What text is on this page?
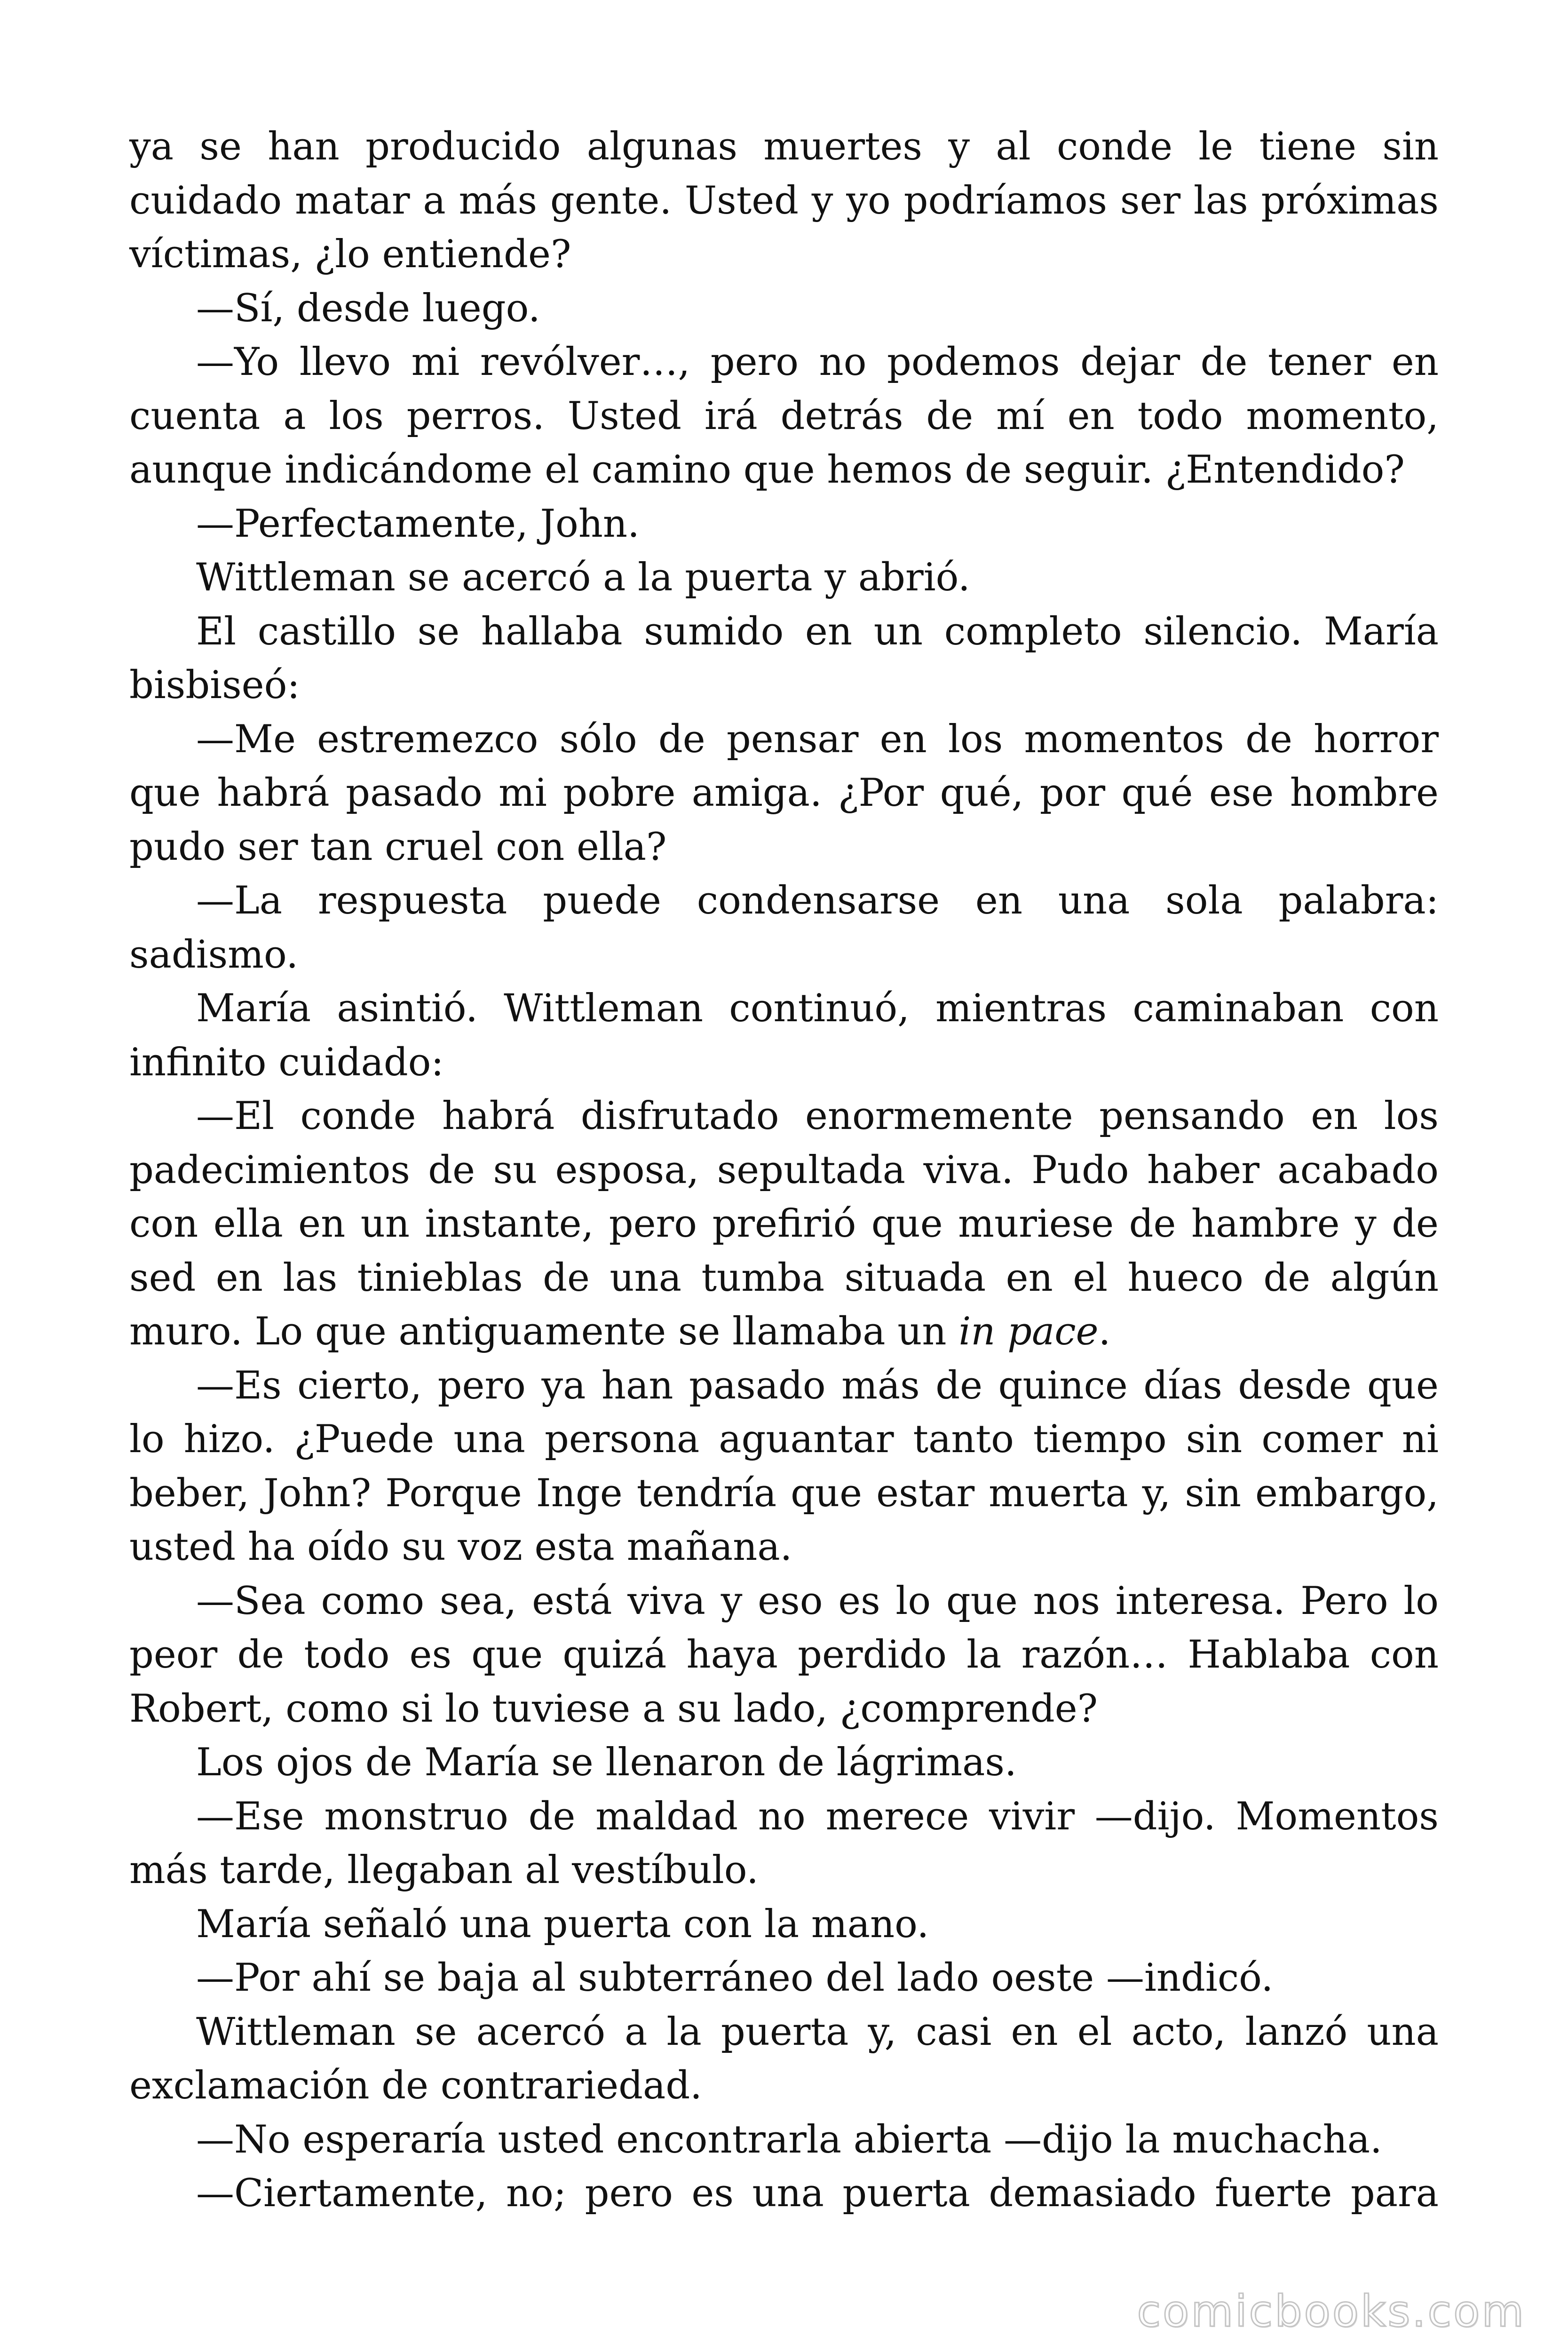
ya se han producido algunas muertes y al conde le tiene sin cuidado matar a más gente. Usted y yo podríamos ser las próximas víctimas, ¿lo entiende?

—Sí, desde luego.

—Yo llevo mi revólver…, pero no podemos dejar de tener en cuenta a los perros. Usted irá detrás de mí en todo momento, aunque indicándome el camino que hemos de seguir. ¿Entendido?

—Perfectamente, John.

Wittleman se acercó a la puerta y abrió.

El castillo se hallaba sumido en un completo silencio. María bisbiseó:

—Me estremezco sólo de pensar en los momentos de horror que habrá pasado mi pobre amiga. ¿Por qué, por qué ese hombre pudo ser tan cruel con ella?

—La respuesta puede condensarse en una sola palabra: sadismo.

María asintió. Wittleman continuó, mientras caminaban con infinito cuidado:

—El conde habrá disfrutado enormemente pensando en los padecimientos de su esposa, sepultada viva. Pudo haber acabado con ella en un instante, pero prefirió que muriese de hambre y de sed en las tinieblas de una tumba situada en el hueco de algún muro. Lo que antiguamente se llamaba un in pace.

—Es cierto, pero ya han pasado más de quince días desde que lo hizo. ¿Puede una persona aguantar tanto tiempo sin comer ni beber, John? Porque Inge tendría que estar muerta y, sin embargo, usted ha oído su voz esta mañana.

—Sea como sea, está viva y eso es lo que nos interesa. Pero lo peor de todo es que quizá haya perdido la razón… Hablaba con Robert, como si lo tuviese a su lado, ¿comprende?

Los ojos de María se llenaron de lágrimas.

—Ese monstruo de maldad no merece vivir —dijo. Momentos más tarde, llegaban al vestíbulo.

María señaló una puerta con la mano.

—Por ahí se baja al subterráneo del lado oeste —indicó.

Wittleman se acercó a la puerta y, casi en el acto, lanzó una exclamación de contrariedad.

—No esperaría usted encontrarla abierta —dijo la muchacha.

—Ciertamente, no; pero es una puerta demasiado fuerte para

comicbooks.com
